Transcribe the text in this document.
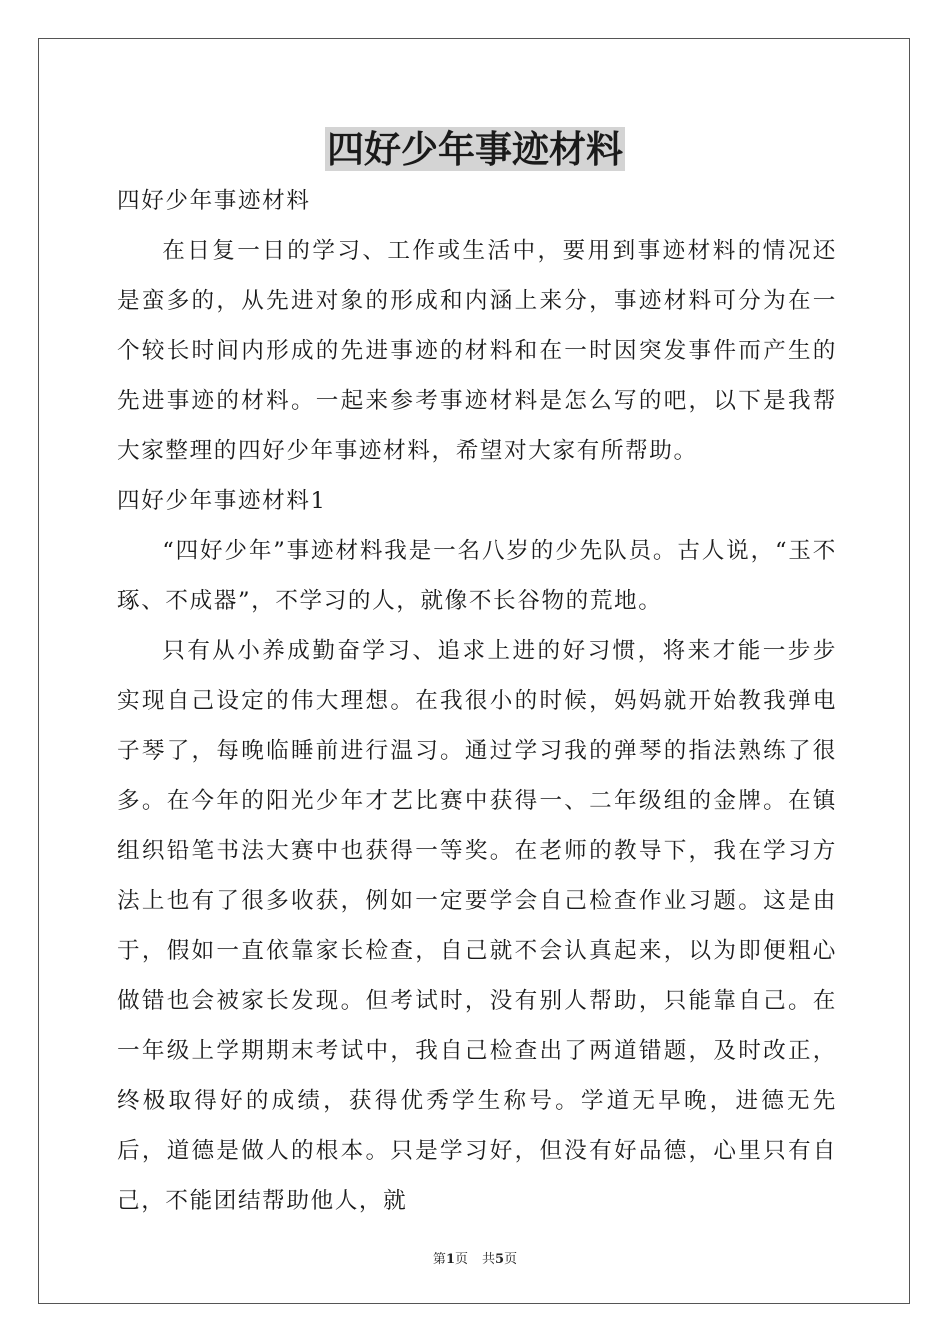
四好少年事迹材料

四好少年事迹材料

在日复一日的学习、工作或生活中，要用到事迹材料的情况还是蛮多的，从先进对象的形成和内涵上来分，事迹材料可分为在一个较长时间内形成的先进事迹的材料和在一时因突发事件而产生的先进事迹的材料。一起来参考事迹材料是怎么写的吧，以下是我帮大家整理的四好少年事迹材料，希望对大家有所帮助。

四好少年事迹材料1

“四好少年”事迹材料我是一名八岁的少先队员。古人说，“玉不琢、不成器”，不学习的人，就像不长谷物的荒地。

只有从小养成勤奋学习、追求上进的好习惯，将来才能一步步实现自己设定的伟大理想。在我很小的时候，妈妈就开始教我弹电子琴了，每晚临睡前进行温习。通过学习我的弹琴的指法熟练了很多。在今年的阳光少年才艺比赛中获得一、二年级组的金牌。在镇组织铅笔书法大赛中也获得一等奖。在老师的教导下，我在学习方法上也有了很多收获，例如一定要学会自己检查作业习题。这是由于，假如一直依靠家长检查，自己就不会认真起来，以为即便粗心做错也会被家长发现。但考试时，没有别人帮助，只能靠自己。在一年级上学期期末考试中，我自己检查出了两道错题，及时改正，终极取得好的成绩，获得优秀学生称号。学道无早晚，进德无先后，道德是做人的根本。只是学习好，但没有好品德，心里只有自己，不能团结帮助他人，就

第1页 共5页
